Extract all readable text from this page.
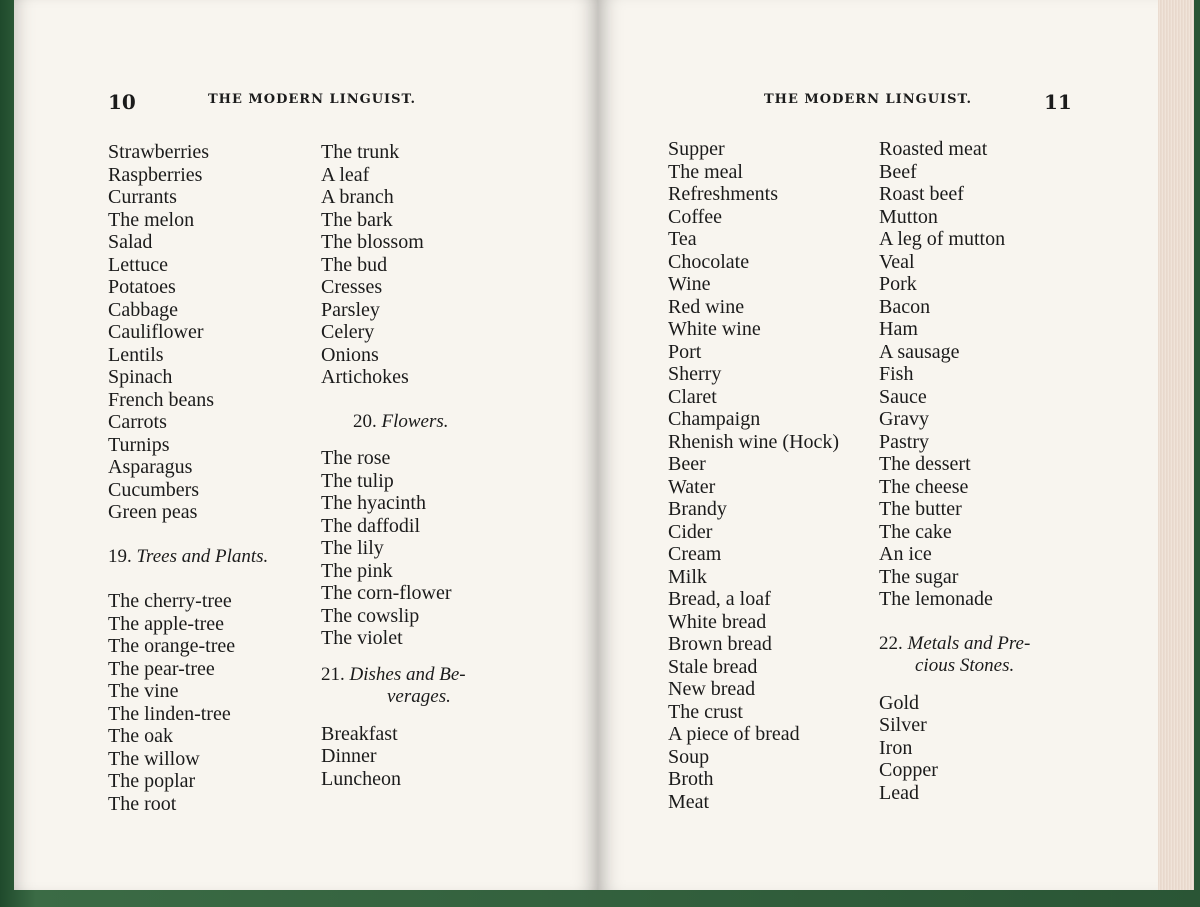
10	THE MODERN LINGUIST.
Strawberries
Raspberries
Currants
The melon
Salad
Lettuce
Potatoes
Cabbage
Cauliflower
Lentils
Spinach
French beans
Carrots
Turnips
Asparagus
Cucumbers
Green peas
19. Trees and Plants.
The cherry-tree
The apple-tree
The orange-tree
The pear-tree
The vine
The linden-tree
The oak
The willow
The poplar
The root
The trunk
A leaf
A branch
The bark
The blossom
The bud
Cresses
Parsley
Celery
Onions
Artichokes
20. Flowers.
The rose
The tulip
The hyacinth
The daffodil
The lily
The pink
The corn-flower
The cowslip
The violet
21. Dishes and Be-
verages.
Breakfast
Dinner
Luncheon
THE MODERN LINGUIST.	11
Supper
The meal
Refreshments
Coffee
Tea
Chocolate
Wine
Red wine
White wine
Port
Sherry
Claret
Champaign
Rhenish wine (Hock)
Beer
Water
Brandy
Cider
Cream
Milk
Bread, a loaf
White bread
Brown bread
Stale bread
New bread
The crust
A piece of bread
Soup
Broth
Meat
Roasted meat
Beef
Roast beef
Mutton
A leg of mutton
Veal
Pork
Bacon
Ham
A sausage
Fish
Sauce
Gravy
Pastry
The dessert
The cheese
The butter
The cake
An ice
The sugar
The lemonade
22. Metals and Pre-
cious Stones.
Gold
Silver
Iron
Copper
Lead
